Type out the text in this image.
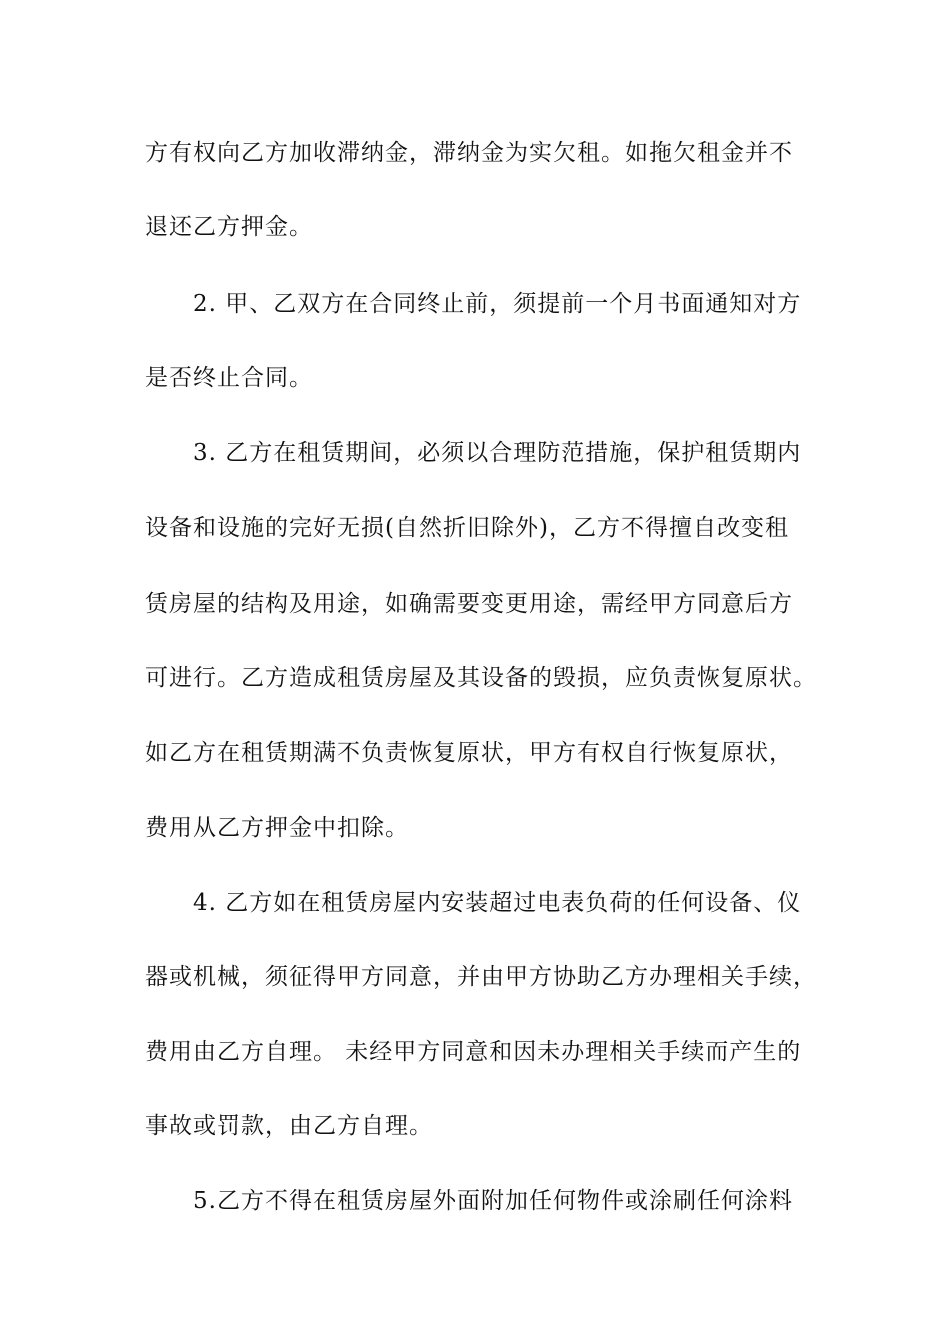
方有权向乙方加收滞纳金，滞纳金为实欠租。如拖欠租金并不
退还乙方押金。
2. 甲、乙双方在合同终止前，须提前一个月书面通知对方
是否终止合同。
3. 乙方在租赁期间，必须以合理防范措施，保护租赁期内
设备和设施的完好无损(自然折旧除外)，乙方不得擅自改变租
赁房屋的结构及用途，如确需要变更用途，需经甲方同意后方
可进行。乙方造成租赁房屋及其设备的毁损，应负责恢复原状。
如乙方在租赁期满不负责恢复原状，甲方有权自行恢复原状，
费用从乙方押金中扣除。
4. 乙方如在租赁房屋内安装超过电表负荷的任何设备、仪
器或机械，须征得甲方同意，并由甲方协助乙方办理相关手续，
费用由乙方自理。 未经甲方同意和因未办理相关手续而产生的
事故或罚款，由乙方自理。
5.乙方不得在租赁房屋外面附加任何物件或涂刷任何涂料
